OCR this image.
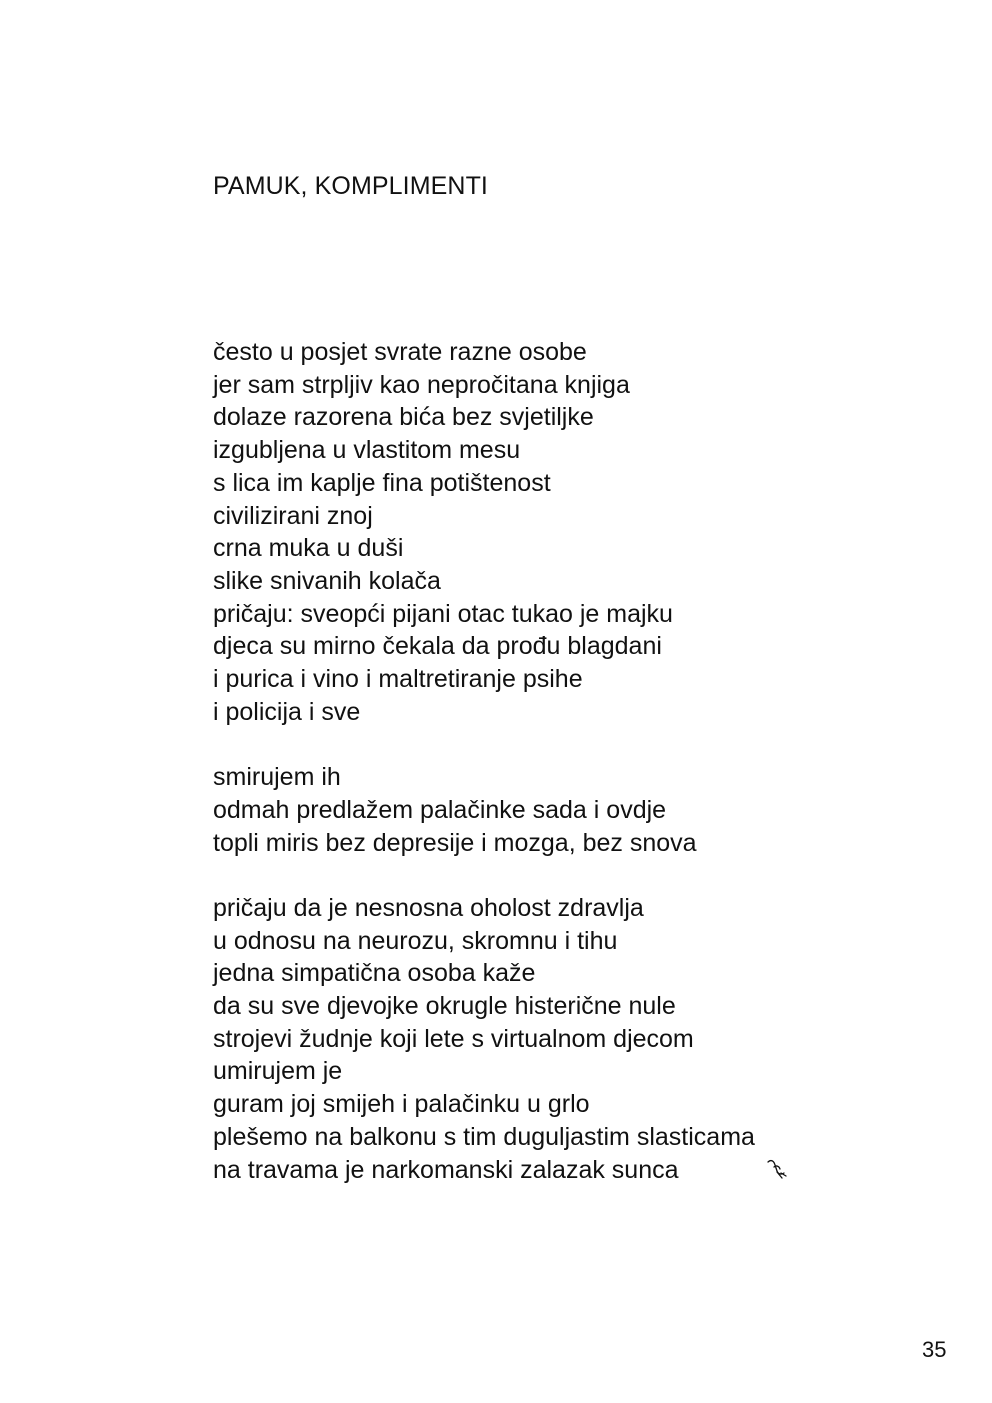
PAMUK, KOMPLIMENTI
često u posjet svrate razne osobe
jer sam strpljiv kao nepročitana knjiga
dolaze razorena bića bez svjetiljke
izgubljena u vlastitom mesu
s lica im kaplje fina potištenost
civilizirani znoj
crna muka u duši
slike snivanih kolača
pričaju: sveopći pijani otac tukao je majku
djeca su mirno čekala da prođu blagdani
i purica i vino i maltretiranje psihe
i policija i sve
smirujem ih
odmah predlažem palačinke sada i ovdje
topli miris bez depresije i mozga, bez snova
pričaju da je nesnosna oholost zdravlja
u odnosu na neurozu, skromnu i tihu
jedna simpatična osoba kaže
da su sve djevojke okrugle histerične nule
strojevi žudnje koji lete s virtualnom djecom
umirujem je
guram joj smijeh i palačinku u grlo
plešemo na balkonu s tim duguljastim slasticama
na travama je narkomanski zalazak sunca
35
